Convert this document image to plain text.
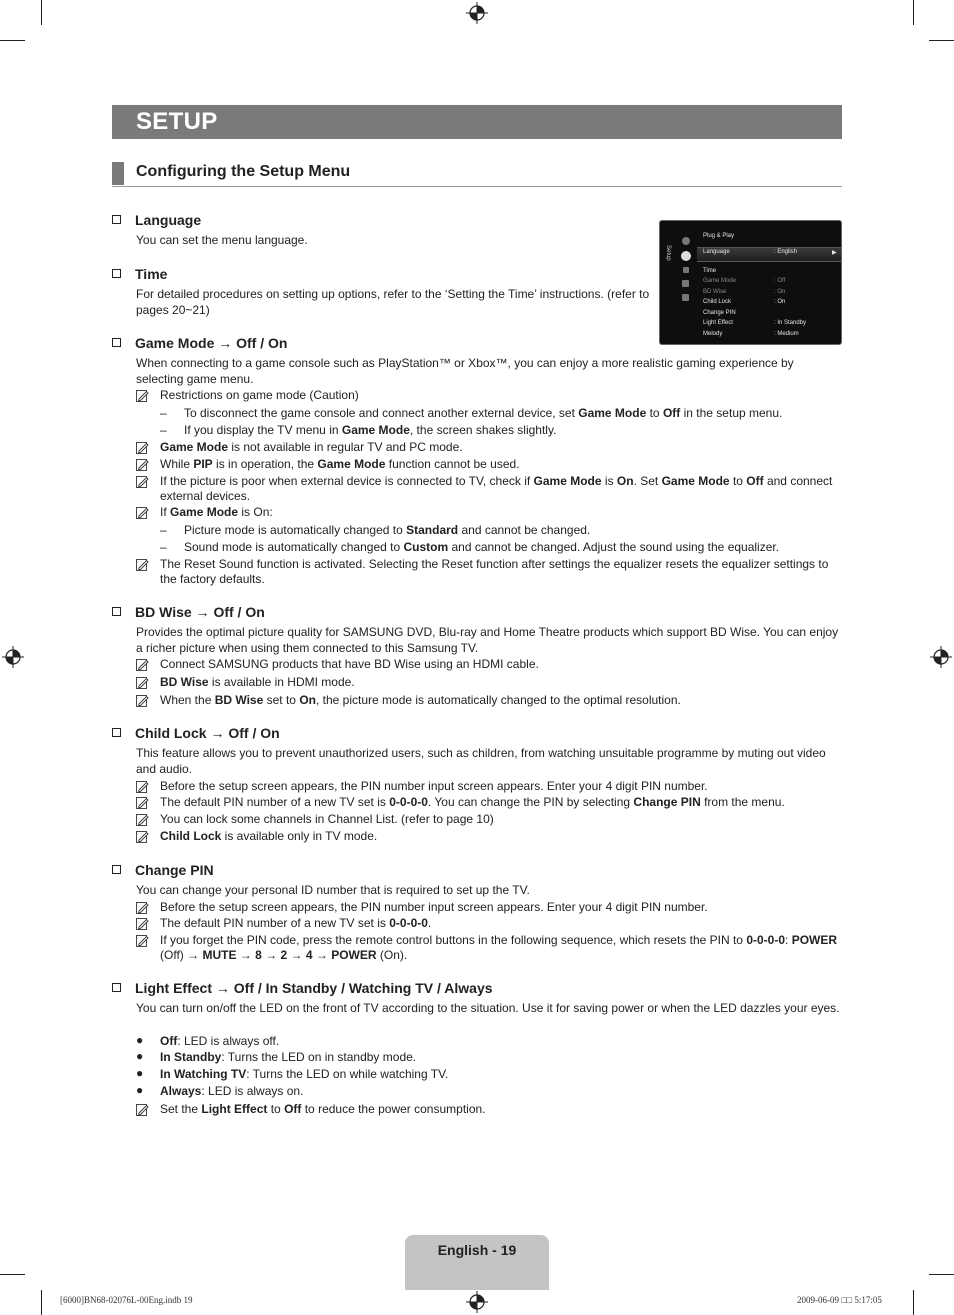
SETUP
Configuring the Setup Menu
Setup
Plug & Play
Language	: English	▶
Time
Game Mode	: Off
BD Wise	: On
Child Lock	: On
Change PIN
Light Effect	: In Standby
Melody	: Medium
Language
You can set the menu language.
Time
For detailed procedures on setting up options, refer to the ‘Setting the Time’ instructions. (refer to pages 20~21)
Game Mode → Off / On
When connecting to a game console such as PlayStation™ or Xbox™, you can enjoy a more realistic gaming experience by selecting game menu.
Restrictions on game mode (Caution)
– To disconnect the game console and connect another external device, set Game Mode to Off in the setup menu.
– If you display the TV menu in Game Mode, the screen shakes slightly.
Game Mode is not available in regular TV and PC mode.
While PIP is in operation, the Game Mode function cannot be used.
If the picture is poor when external device is connected to TV, check if Game Mode is On. Set Game Mode to Off and connect external devices.
If Game Mode is On:
– Picture mode is automatically changed to Standard and cannot be changed.
– Sound mode is automatically changed to Custom and cannot be changed. Adjust the sound using the equalizer.
The Reset Sound function is activated. Selecting the Reset function after settings the equalizer resets the equalizer settings to the factory defaults.
BD Wise → Off / On
Provides the optimal picture quality for SAMSUNG DVD, Blu-ray and Home Theatre products which support BD Wise. You can enjoy a richer picture when using them connected to this Samsung TV.
Connect SAMSUNG products that have BD Wise using an HDMI cable.
BD Wise is available in HDMI mode.
When the BD Wise set to On, the picture mode is automatically changed to the optimal resolution.
Child Lock → Off / On
This feature allows you to prevent unauthorized users, such as children, from watching unsuitable programme by muting out video and audio.
Before the setup screen appears, the PIN number input screen appears. Enter your 4 digit PIN number.
The default PIN number of a new TV set is 0-0-0-0. You can change the PIN by selecting Change PIN from the menu.
You can lock some channels in Channel List. (refer to page 10)
Child Lock is available only in TV mode.
Change PIN
You can change your personal ID number that is required to set up the TV.
Before the setup screen appears, the PIN number input screen appears. Enter your 4 digit PIN number.
The default PIN number of a new TV set is 0-0-0-0.
If you forget the PIN code, press the remote control buttons in the following sequence, which resets the PIN to 0-0-0-0: POWER (Off) → MUTE → 8 → 2 → 4 → POWER (On).
Light Effect → Off / In Standby / Watching TV / Always
You can turn on/off the LED on the front of TV according to the situation. Use it for saving power or when the LED dazzles your eyes.
● Off: LED is always off.
● In Standby: Turns the LED on in standby mode.
● In Watching TV: Turns the LED on while watching TV.
● Always: LED is always on.
Set the Light Effect to Off to reduce the power consumption.
English - 19
[6000]BN68-02076L-00Eng.indb 19	2009-06-09 □□ 5:17:05
